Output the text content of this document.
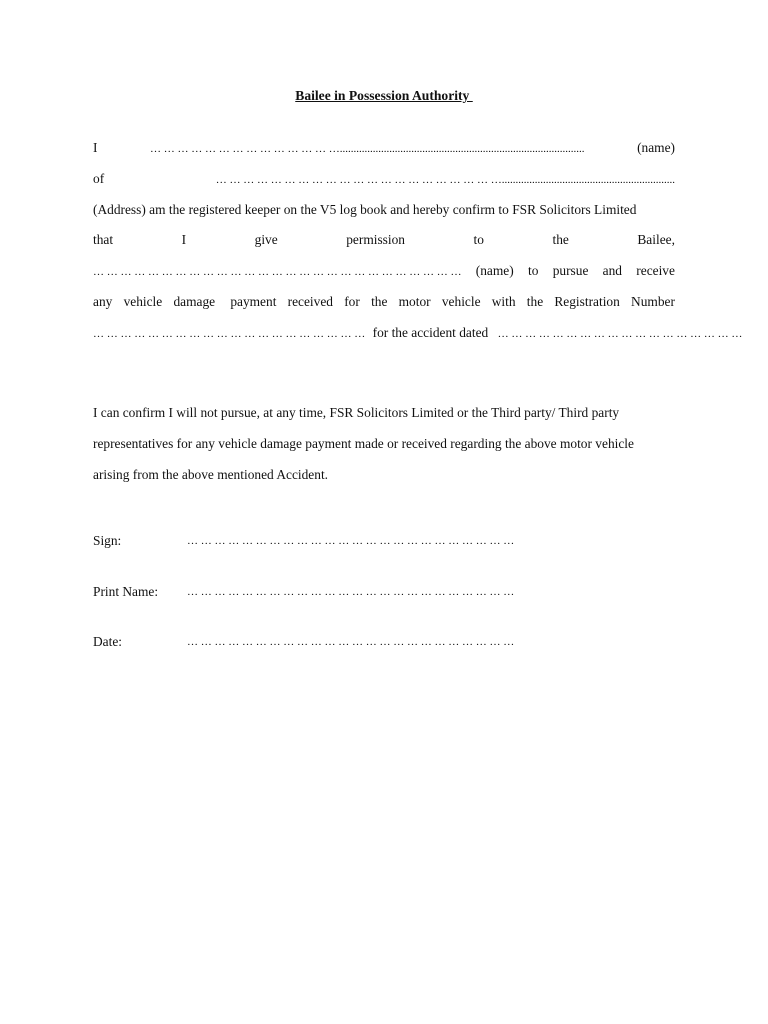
Bailee in Possession Authority
I	… … … … … … … … … … … … … ….........................................................................................	(name)
of	… … … … … … … … … … … … … … … … … … … … …...............................................................
(Address) am the registered keeper on the V5 log book and hereby confirm to FSR Solicitors Limited
that	I	give	permission	to	the	Bailee,
… … … … … … … … … … … … … … … … … … … … … … … … … … … (name) to pursue and receive
any vehicle damage payment received for the motor vehicle with the Registration Number
… … … … … … … … … … … … … … … … … … … … for the accident dated … … … … … … … … … … … … … … … … … …
I can confirm I will not pursue, at any time, FSR Solicitors Limited or the Third party/ Third party
representatives for any vehicle damage payment made or received regarding the above motor vehicle
arising from the above mentioned Accident.
Sign:	… … … … … … … … … … … … … … … … … … … … … … … …
Print Name:	… … … … … … … … … … … … … … … … … … … … … … … …
Date:	… … … … … … … … … … … … … … … … … … … … … … … …
